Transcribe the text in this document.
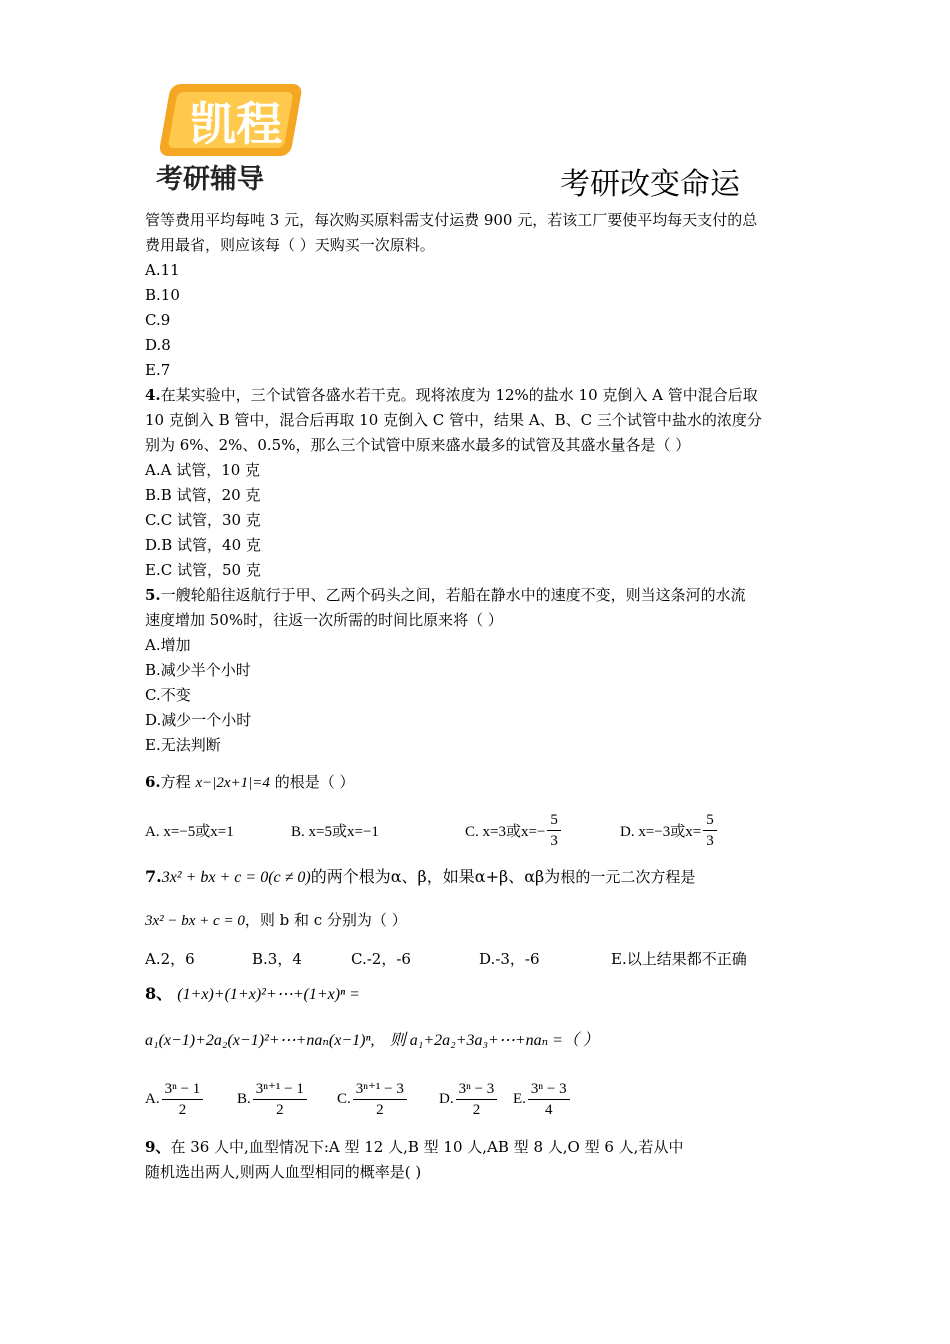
凯程
考研辅导	考研改变命运
管等费用平均每吨 3 元，每次购买原料需支付运费 900 元，若该工厂要使平均每天支付的总
费用最省，则应该每（ ）天购买一次原料。
A.11
B.10
C.9
D.8
E.7
4.在某实验中，三个试管各盛水若干克。现将浓度为 12%的盐水 10 克倒入 A 管中混合后取
10 克倒入 B 管中，混合后再取 10 克倒入 C 管中，结果 A、B、C 三个试管中盐水的浓度分
别为 6%、2%、0.5%，那么三个试管中原来盛水最多的试管及其盛水量各是（ ）
A.A 试管，10 克
B.B 试管，20 克
C.C 试管，30 克
D.B 试管，40 克
E.C 试管，50 克
5.一艘轮船往返航行于甲、乙两个码头之间，若船在静水中的速度不变，则当这条河的水流
速度增加 50%时，往返一次所需的时间比原来将（ ）
A.增加
B.减少半个小时
C.不变
D.减少一个小时
E.无法判断
6.方程 x−|2x+1|=4 的根是（ ）
A. x=−5或x=1	B. x=5或x=−1	C. x=3或$x=- \frac{5}{3}$	D. x=−3或$x= \frac{5}{3}$
7.3x² + bx + c = 0(c ≠ 0)的两个根为α、β，如果α+β、αβ为根的一元二次方程是
3x² − bx + c = 0，则 b 和 c 分别为（ ）
A.2，6	B.3，4	C.-2，-6	D.-3，-6	E.以上结果都不正确
8、 (1+x)+(1+x)²+⋯+(1+x)ⁿ =
a₁(x−1)+2a₂(x−1)²+⋯+naₙ(x−1)ⁿ, 则 a₁+2a₂+3a₃+⋯+naₙ =（ ）
A. $\frac{\text{3ⁿ − 1}}{2} B$. $\frac{\text{3ⁿ⁺¹ − 1}}{2} C$. $\frac{\text{3ⁿ⁺¹ − 3}}{2} D$. $\frac{\text{3ⁿ − 3}}{2} E$. $\frac{\text{3ⁿ − 3}}{4}$
9、在 36 人中,血型情况下:A 型 12 人,B 型 10 人,AB 型 8 人,O 型 6 人,若从中
随机选出两人,则两人血型相同的概率是( )
